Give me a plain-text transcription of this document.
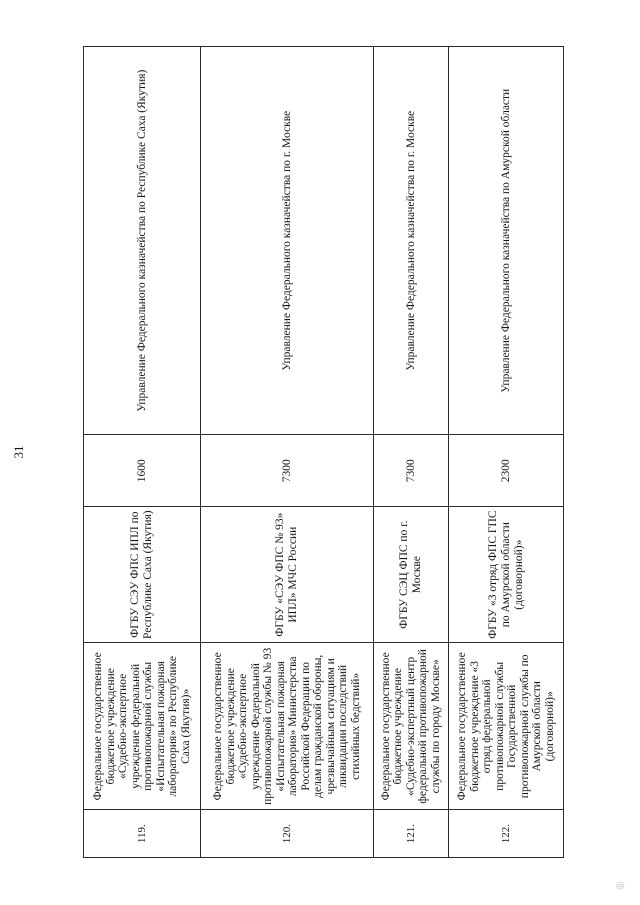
31
119.	Федеральное государственное бюджетное учреждение «Судебно-экспертное учреждение федеральной противопожарной службы «Испытательная пожарная лаборатория» по Республике Саха (Якутия)»	ФГБУ СЭУ ФПС ИПЛ по Республике Саха (Якутия)	1600	Управление Федерального казначейства по Республике Саха (Якутия)
120.	Федеральное государственное бюджетное учреждение «Судебно-экспертное учреждение Федеральной противопожарной службы № 93 «Испытательная пожарная лаборатория» Министерства Российской Федерации по делам гражданской обороны, чрезвычайным ситуациям и ликвидации последствий стихийных бедствий»	ФГБУ «СЭУ ФПС № 93» ИПЛ» МЧС России	7300	Управление Федерального казначейства по г. Москве
121.	Федеральное государственное бюджетное учреждение «Судебно-экспертный центр федеральной противопожарной службы по городу Москве»	ФГБУ СЭЦ ФПС по г. Москве	7300	Управление Федерального казначейства по г. Москве
122.	Федеральное государственное бюджетное учреждение «3 отряд федеральной противопожарной службы Государственной противопожарной службы по Амурской области (договорной)»	ФГБУ «3 отряд ФПС ГПС по Амурской области (договорной)»	2300	Управление Федерального казначейства по Амурской области
◎
